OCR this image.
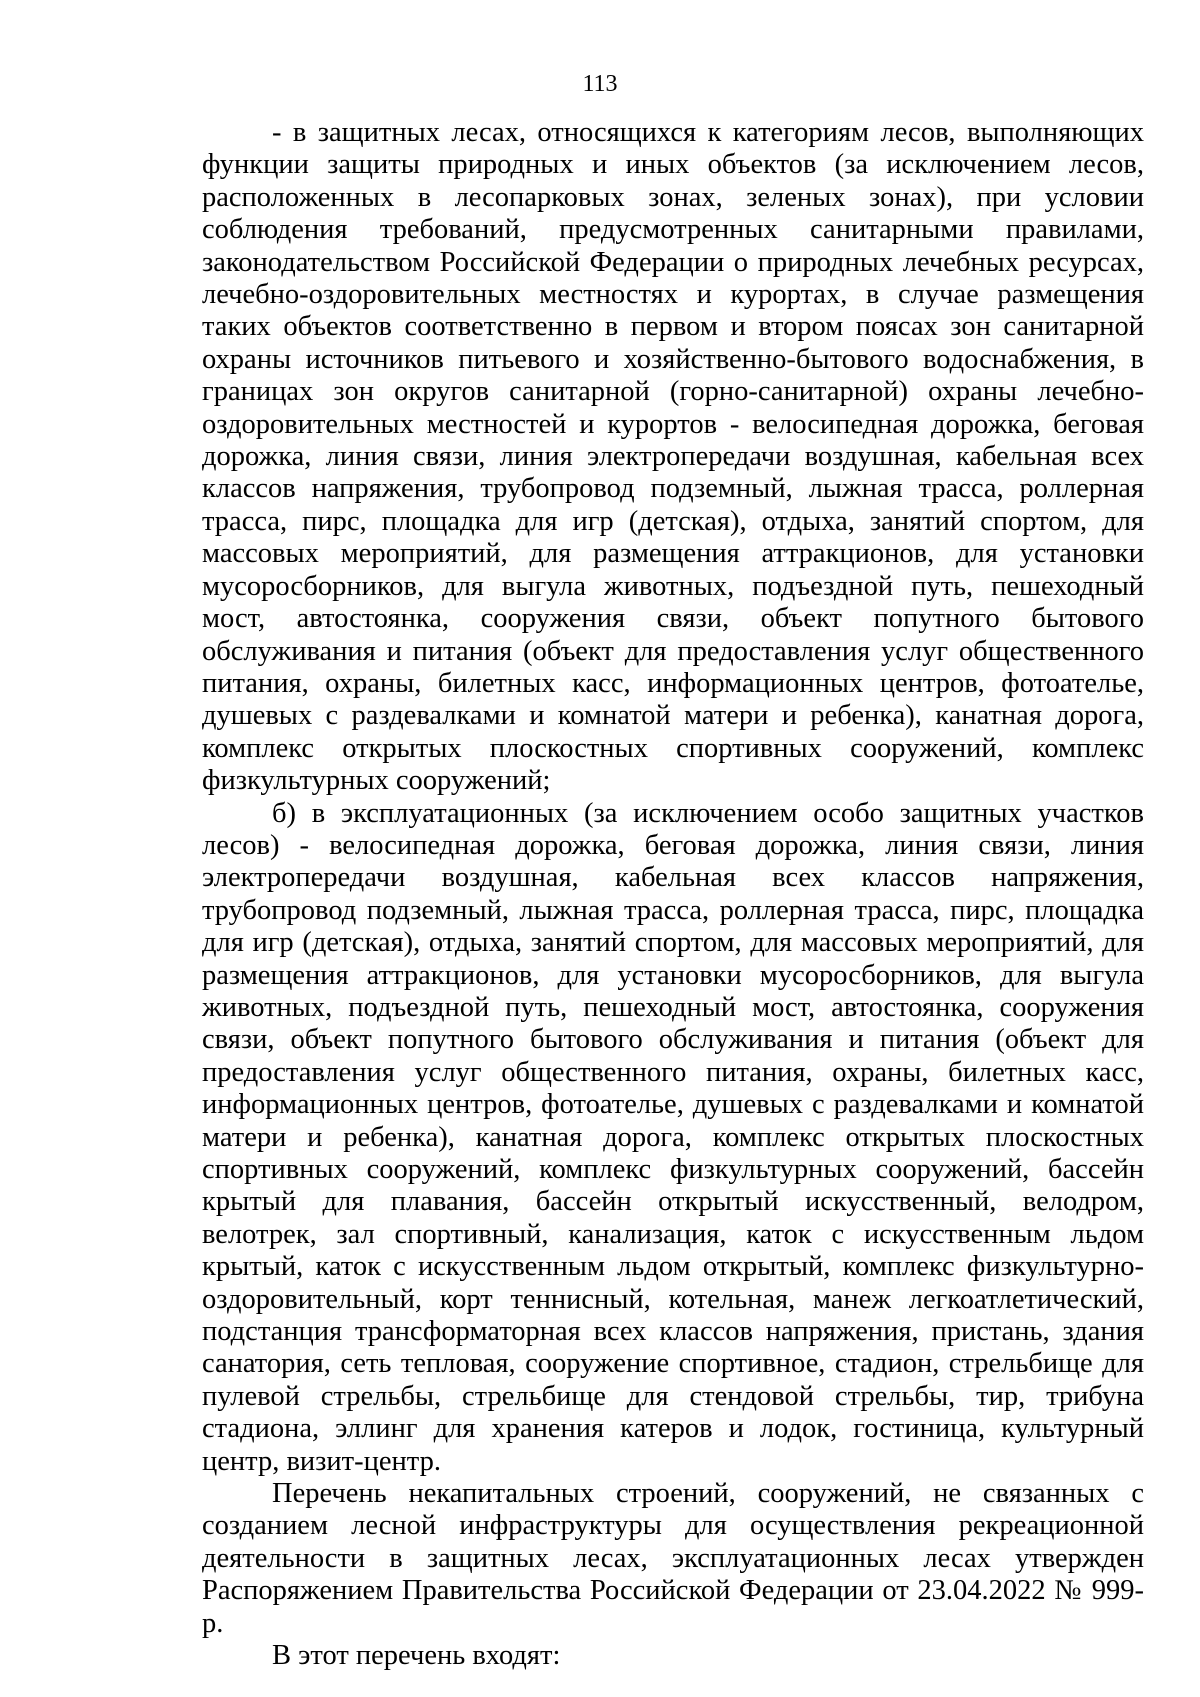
113

- в защитных лесах, относящихся к категориям лесов, выполняющих функции защиты природных и иных объектов (за исключением лесов, расположенных в лесопарковых зонах, зеленых зонах), при условии соблюдения требований, предусмотренных санитарными правилами, законодательством Российской Федерации о природных лечебных ресурсах, лечебно-оздоровительных местностях и курортах, в случае размещения таких объектов соответственно в первом и втором поясах зон санитарной охраны источников питьевого и хозяйственно-бытового водоснабжения, в границах зон округов санитарной (горно-санитарной) охраны лечебно-оздоровительных местностей и курортов - велосипедная дорожка, беговая дорожка, линия связи, линия электропередачи воздушная, кабельная всех классов напряжения, трубопровод подземный, лыжная трасса, роллерная трасса, пирс, площадка для игр (детская), отдыха, занятий спортом, для массовых мероприятий, для размещения аттракционов, для установки мусоросборников, для выгула животных, подъездной путь, пешеходный мост, автостоянка, сооружения связи, объект попутного бытового обслуживания и питания (объект для предоставления услуг общественного питания, охраны, билетных касс, информационных центров, фотоателье, душевых с раздевалками и комнатой матери и ребенка), канатная дорога, комплекс открытых плоскостных спортивных сооружений, комплекс физкультурных сооружений;

б) в эксплуатационных (за исключением особо защитных участков лесов) - велосипедная дорожка, беговая дорожка, линия связи, линия электропередачи воздушная, кабельная всех классов напряжения, трубопровод подземный, лыжная трасса, роллерная трасса, пирс, площадка для игр (детская), отдыха, занятий спортом, для массовых мероприятий, для размещения аттракционов, для установки мусоросборников, для выгула животных, подъездной путь, пешеходный мост, автостоянка, сооружения связи, объект попутного бытового обслуживания и питания (объект для предоставления услуг общественного питания, охраны, билетных касс, информационных центров, фотоателье, душевых с раздевалками и комнатой матери и ребенка), канатная дорога, комплекс открытых плоскостных спортивных сооружений, комплекс физкультурных сооружений, бассейн крытый для плавания, бассейн открытый искусственный, велодром, велотрек, зал спортивный, канализация, каток с искусственным льдом крытый, каток с искусственным льдом открытый, комплекс физкультурно-оздоровительный, корт теннисный, котельная, манеж легкоатлетический, подстанция трансформаторная всех классов напряжения, пристань, здания санатория, сеть тепловая, сооружение спортивное, стадион, стрельбище для пулевой стрельбы, стрельбище для стендовой стрельбы, тир, трибуна стадиона, эллинг для хранения катеров и лодок, гостиница, культурный центр, визит-центр.

Перечень некапитальных строений, сооружений, не связанных с созданием лесной инфраструктуры для осуществления рекреационной деятельности в защитных лесах, эксплуатационных лесах утвержден Распоряжением Правительства Российской Федерации от 23.04.2022 № 999-р.

В этот перечень входят:
